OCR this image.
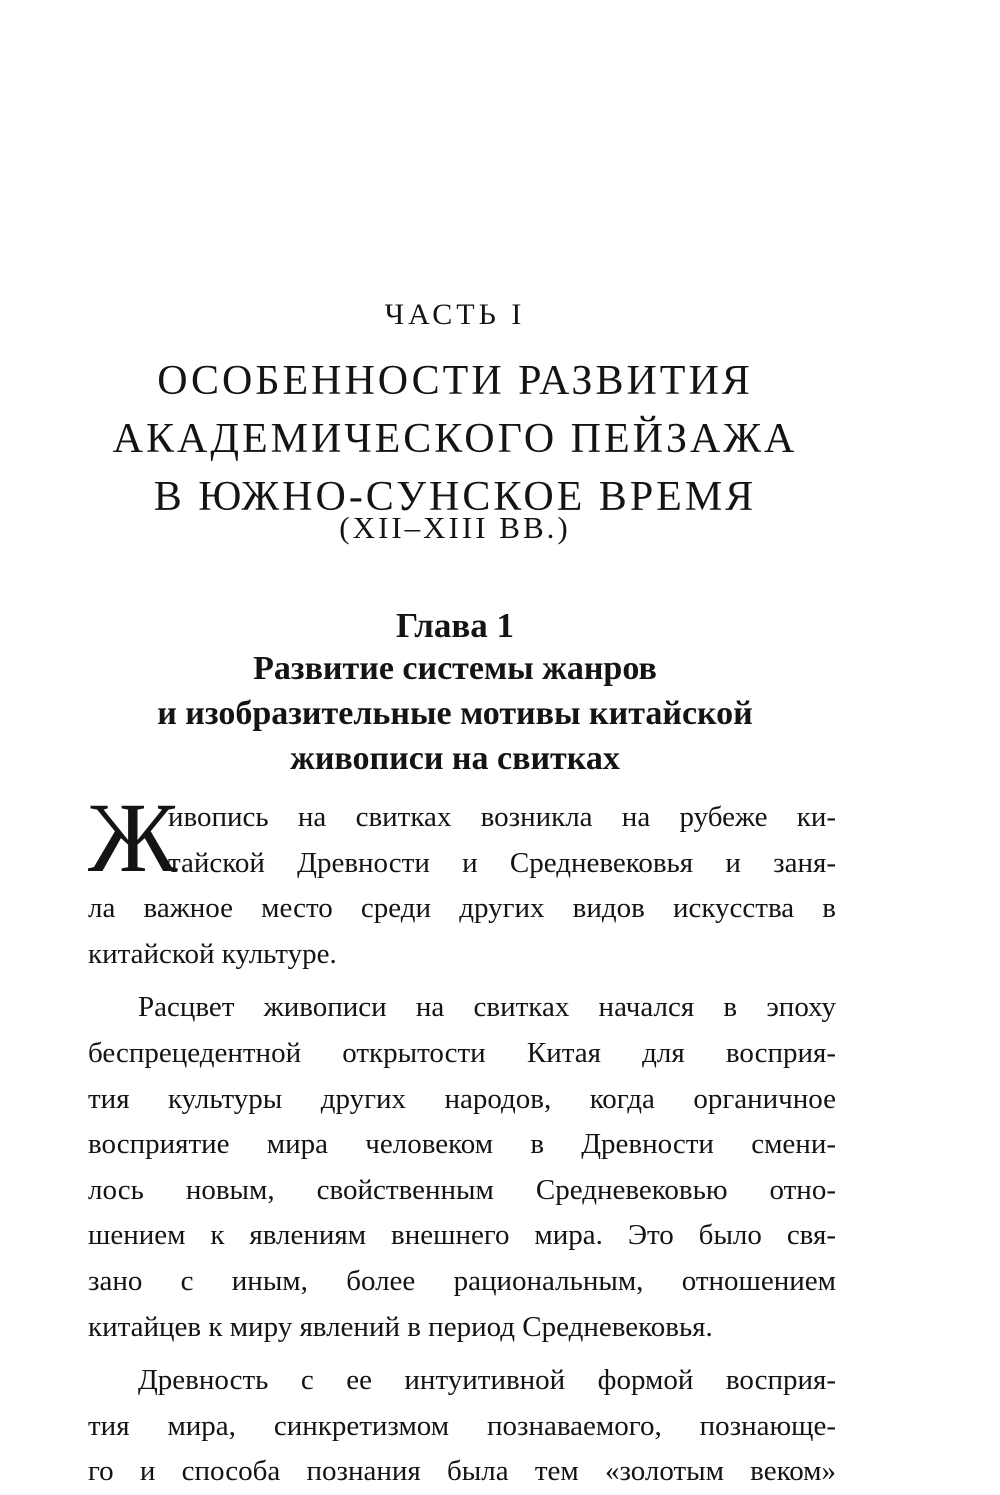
ЧАСТЬ I
ОСОБЕННОСТИ РАЗВИТИЯ
АКАДЕМИЧЕСКОГО ПЕЙЗАЖА
В ЮЖНО-СУНСКОЕ ВРЕМЯ
(XII–XIII ВВ.)
Глава 1
Развитие системы жанров
и изобразительные мотивы китайской
живописи на свитках
Ж
ивопись на свитках возникла на рубеже ки-
тайской Древности и Средневековья и заня-
ла важное место среди других видов искусства в
китайской культуре.
Расцвет живописи на свитках начался в эпоху
беспрецедентной открытости Китая для восприя-
тия культуры других народов, когда органичное
восприятие мира человеком в Древности смени-
лось новым, свойственным Средневековью отно-
шением к явлениям внешнего мира. Это было свя-
зано с иным, более рациональным, отношением
китайцев к миру явлений в период Средневековья.
Древность с ее интуитивной формой восприя-
тия мира, синкретизмом познаваемого, познающе-
го и способа познания была тем «золотым веком»
